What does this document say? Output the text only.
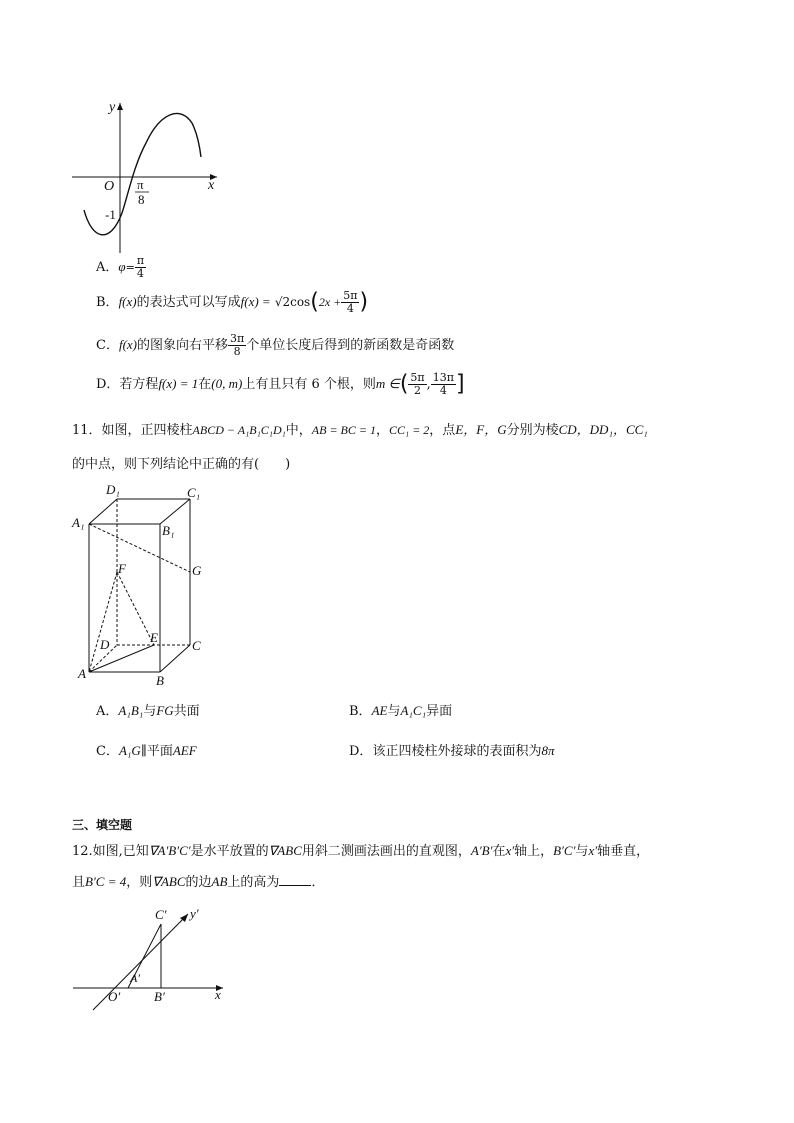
y
x
O π
8
-1
A．$\varphi= \frac{\pi}{4}$
B．f(x)的表达式可以写成$f(x) = √2\cos(2x + \frac{5\pi}{4}$ )
C．f(x)的图象向右平移 $\frac{3\pi}{8}$ 个单位长度后得到的新函数是奇函数
D．若方程f(x) = 1在(0, m)上有且只有 6 个根，则m ∈( $\frac{5\pi}{2}$ , $\frac{13\pi}{4}$ ]
11．如图，正四棱柱ABCD − A₁B₁C₁D₁中，AB = BC = 1，CC₁ = 2，点E，F，G分别为棱CD，DD₁，CC₁
的中点，则下列结论中正确的有(　　)
D₁	C₁
A₁
B₁
F	G
D	E
C
A	B
A．A₁B₁与FG共面	B．AE与A₁C₁异面
C．A₁G∥平面AEF	D．该正四棱柱外接球的表面积为8π
三、填空题
12.如图,已知∇A′B′C′是水平放置的∇ABC用斜二测画法画出的直观图，A′B′在x′轴上，B′C′与x′轴垂直，
且B′C = 4，则∇ABC的边AB上的高为 ．
C′ y′
A′
O′	B′	x
